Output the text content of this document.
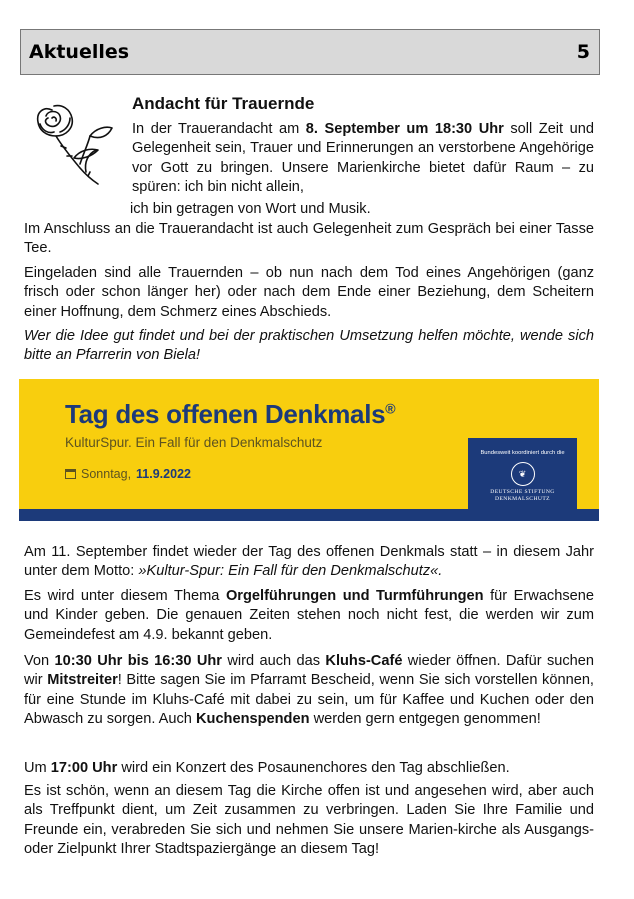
Aktuelles	5
Andacht für Trauernde

In der Trauerandacht am 8. September um 18:30 Uhr soll Zeit und Gelegenheit sein, Trauer und Erinnerungen an verstorbene Angehörige vor Gott zu bringen. Unsere Marienkirche bietet dafür Raum – zu spüren: ich bin nicht allein,

ich bin getragen von Wort und Musik.

Im Anschluss an die Trauerandacht ist auch Gelegenheit zum Gespräch bei einer Tasse Tee.

Eingeladen sind alle Trauernden – ob nun nach dem Tod eines Angehörigen (ganz frisch oder schon länger her) oder nach dem Ende einer Beziehung, dem Scheitern einer Hoffnung, dem Schmerz eines Abschieds.

Wer die Idee gut findet und bei der praktischen Umsetzung helfen möchte, wende sich bitte an Pfarrerin von Biela!

Tag des offenen Denkmals®
KulturSpur. Ein Fall für den Denkmalschutz
Sonntag, 11.9.2022
Bundesweit koordiniert durch die
❦
DEUTSCHE STIFTUNG
DENKMALSCHUTZ

Am 11. September findet wieder der Tag des offenen Denkmals statt – in diesem Jahr unter dem Motto: »Kultur-Spur: Ein Fall für den Denkmalschutz«.

Es wird unter diesem Thema Orgelführungen und Turmführungen für Erwachsene und Kinder geben. Die genauen Zeiten stehen noch nicht fest, die werden wir zum Gemeindefest am 4.9. bekannt geben.

Von 10:30 Uhr bis 16:30 Uhr wird auch das Kluhs-Café wieder öffnen. Dafür suchen wir Mitstreiter! Bitte sagen Sie im Pfarramt Bescheid, wenn Sie sich vorstellen können, für eine Stunde im Kluhs-Café mit dabei zu sein, um für Kaffee und Kuchen oder den Abwasch zu sorgen. Auch Kuchenspenden werden gern entgegen genommen!

Um 17:00 Uhr wird ein Konzert des Posaunenchores den Tag abschließen.

Es ist schön, wenn an diesem Tag die Kirche offen ist und angesehen wird, aber auch als Treffpunkt dient, um Zeit zusammen zu verbringen. Laden Sie Ihre Familie und Freunde ein, verabreden Sie sich und nehmen Sie unsere Marien-kirche als Ausgangs- oder Zielpunkt Ihrer Stadtspaziergänge an diesem Tag!
